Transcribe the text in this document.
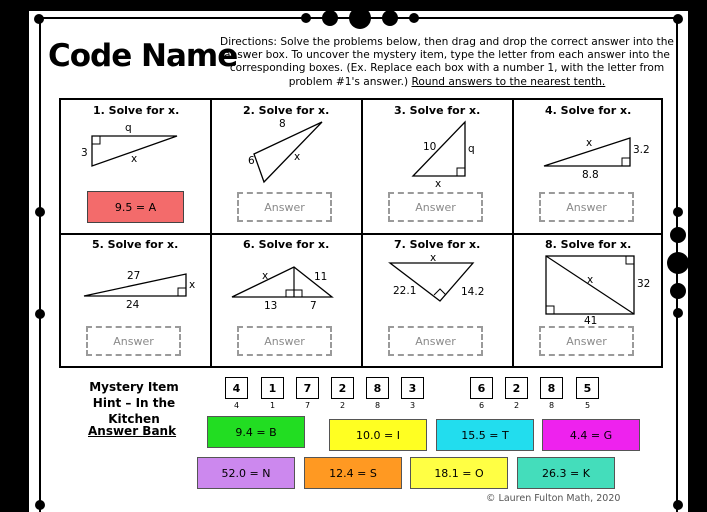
Code Name
Directions: Solve the problems below, then drag and drop the correct answer into the answer box. To uncover the mystery item, type the letter from each answer into the corresponding boxes. (Ex. Replace each box with a number 1, with the letter from problem #1's answer.) Round answers to the nearest tenth.
1. Solve for x.	2. Solve for x.	3. Solve for x.	4. Solve for x.
5. Solve for x.	6. Solve for x.	7. Solve for x.	8. Solve for x.
q
3	x
8
6	x
10	q
x
x
3.2
8.8
27
x
24
x	11
13	7
x
22.1	14.2
x	32
41
9.5 = A	Answer	Answer	Answer
Answer	Answer	Answer	Answer
Mystery Item
Hint – In the Kitchen
4	1	7	2	8	3	6	2	8	5
4	1	7	2	8	3	6	2	8	5
Answer Bank	9.4 = B	10.0 = I	15.5 = T	4.4 = G
52.0 = N	12.4 = S	18.1 = O	26.3 = K
© Lauren Fulton Math, 2020
